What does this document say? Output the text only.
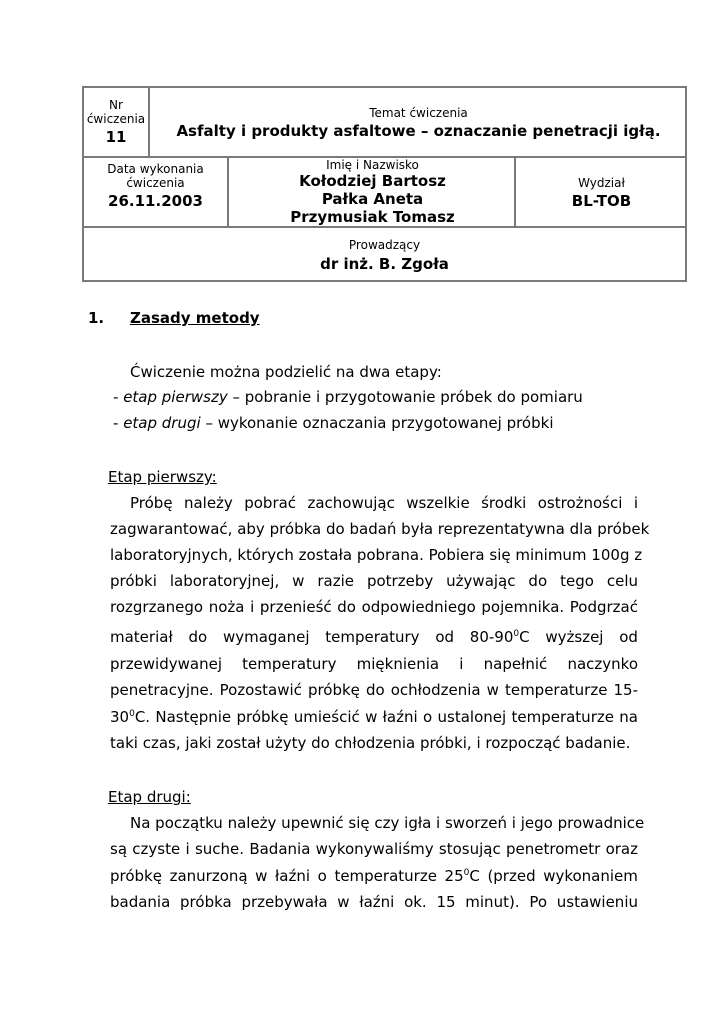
Nr
ćwiczenia
11
Temat ćwiczenia
Asfalty i produkty asfaltowe – oznaczanie penetracji igłą.
Data wykonania
ćwiczenia
26.11.2003
Imię i Nazwisko
Kołodziej Bartosz
Pałka Aneta
Przymusiak Tomasz
Wydział
BL-TOB
Prowadzący
dr inż. B. Zgoła
1. Zasady metody
Ćwiczenie można podzielić na dwa etapy:
- etap pierwszy – pobranie i przygotowanie próbek do pomiaru
- etap drugi – wykonanie oznaczania przygotowanej próbki
Etap pierwszy:
Próbę należy pobrać zachowując wszelkie środki ostrożności i
zagwarantować, aby próbka do badań była reprezentatywna dla próbek
laboratoryjnych, których została pobrana. Pobiera się minimum 100g z
próbki laboratoryjnej, w razie potrzeby używając do tego celu
rozgrzanego noża i przenieść do odpowiedniego pojemnika. Podgrzać
materiał do wymaganej temperatury od $80-90^0C$ wyższej od
przewidywanej temperatury mięknienia i napełnić naczynko
penetracyjne. Pozostawić próbkę do ochłodzenia w temperaturze 15-
$30^0C$. Następnie próbkę umieścić w łaźni o ustalonej temperaturze na
taki czas, jaki został użyty do chłodzenia próbki, i rozpocząć badanie.
Etap drugi:
Na początku należy upewnić się czy igła i sworzeń i jego prowadnice
są czyste i suche. Badania wykonywaliśmy stosując penetrometr oraz
próbkę zanurzoną w łaźni o temperaturze $25^0C$ (przed wykonaniem
badania próbka przebywała w łaźni ok. 15 minut). Po ustawieniu
